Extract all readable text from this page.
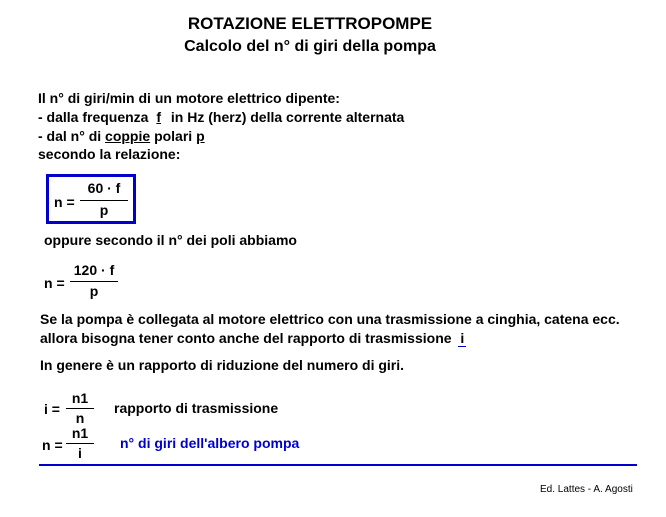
ROTAZIONE ELETTROPOMPE
Calcolo del n° di giri della pompa
Il n° di giri/min di un motore elettrico dipente:
- dalla frequenza f in Hz (herz) della corrente alternata
- dal n° di coppie polari p
secondo la relazione:
n =
60 · f
p
oppure secondo il n° dei poli abbiamo
n =
120 · f
p
Se la pompa è collegata al motore elettrico con una trasmissione a cinghia, catena ecc.
allora bisogna tener conto anche del rapporto di trasmissione i
In genere è un rapporto di riduzione del numero di giri.
i =
n1
n
rapporto di trasmissione
n =
n1
i
n° di giri dell'albero pompa
Ed. Lattes - A. Agosti
